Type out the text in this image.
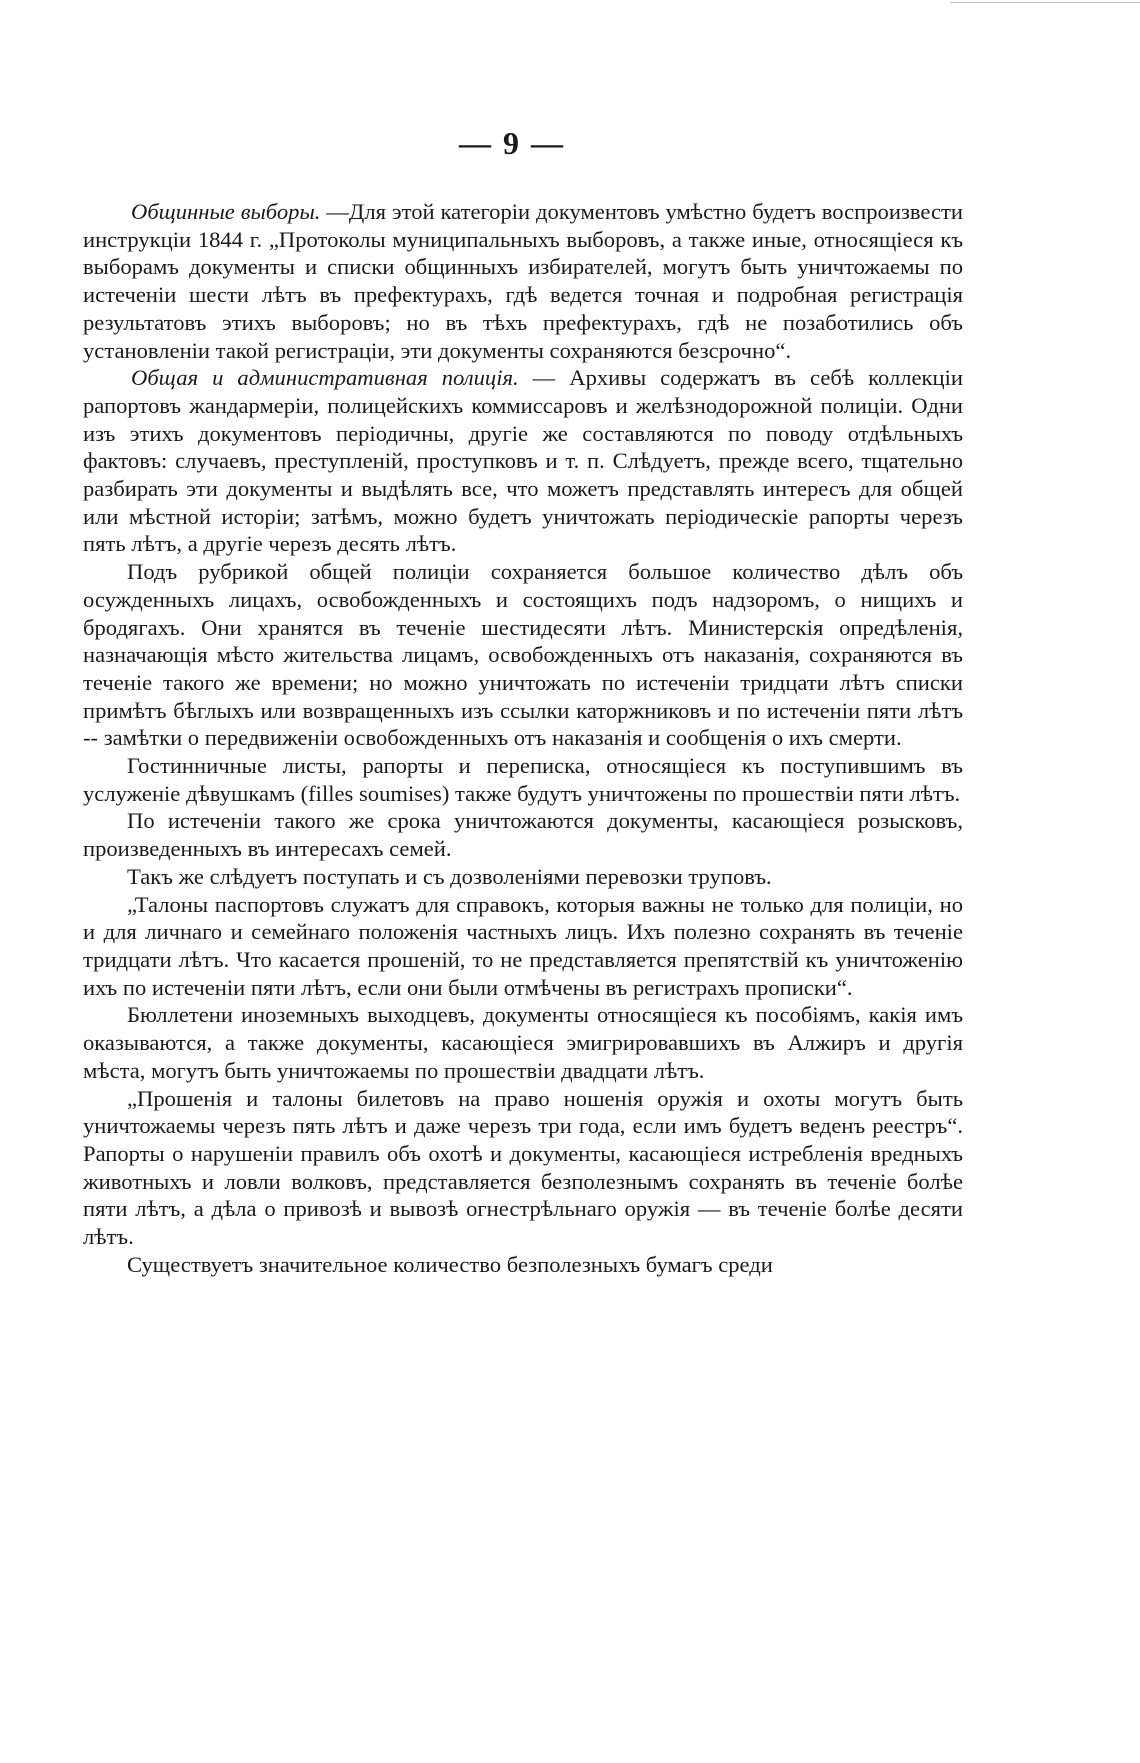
— 9 —

Общинные выборы. —Для этой категоріи документовъ умѣстно будетъ воспроизвести инструкціи 1844 г. „Протоколы муниципальныхъ выборовъ, а также иные, относящіеся къ выборамъ документы и списки общинныхъ избирателей, могутъ быть уничтожаемы по истеченіи шести лѣтъ въ префектурахъ, гдѣ ведется точная и подробная регистрація результатовъ этихъ выборовъ; но въ тѣхъ префектурахъ, гдѣ не позаботились объ установленіи такой регистраціи, эти документы сохраняются безсрочно“.

Общая и административная полиція. — Архивы содержатъ въ себѣ коллекціи рапортовъ жандармеріи, полицейскихъ коммиссаровъ и желѣзнодорожной полиціи. Одни изъ этихъ документовъ періодичны, другіе же составляются по поводу отдѣльныхъ фактовъ: случаевъ, преступленій, проступковъ и т. п. Слѣдуетъ, прежде всего, тщательно разбирать эти документы и выдѣлять все, что можетъ представлять интересъ для общей или мѣстной исторіи; затѣмъ, можно будетъ уничтожать періодическіе рапорты черезъ пять лѣтъ, а другіе черезъ десять лѣтъ.

Подъ рубрикой общей полиціи сохраняется большое количество дѣлъ объ осужденныхъ лицахъ, освобожденныхъ и состоящихъ подъ надзоромъ, о нищихъ и бродягахъ. Они хранятся въ теченіе шестидесяти лѣтъ. Министерскія опредѣленія, назначающія мѣсто жительства лицамъ, освобожденныхъ отъ наказанія, сохраняются въ теченіе такого же времени; но можно уничтожать по истеченіи тридцати лѣтъ списки примѣтъ бѣглыхъ или возвращенныхъ изъ ссылки каторжниковъ и по истеченіи пяти лѣтъ -- замѣтки о передвиженіи освобожденныхъ отъ наказанія и сообщенія о ихъ смерти.

Гостинничные листы, рапорты и переписка, относящіеся къ поступившимъ въ услуженіе дѣвушкамъ (filles soumises) также будутъ уничтожены по прошествіи пяти лѣтъ.

По истеченіи такого же срока уничтожаются документы, касающіеся розысковъ, произведенныхъ въ интересахъ семей.

Такъ же слѣдуетъ поступать и съ дозволеніями перевозки труповъ.

„Талоны паспортовъ служатъ для справокъ, которыя важны не только для полиціи, но и для личнаго и семейнаго положенія частныхъ лицъ. Ихъ полезно сохранять въ теченіе тридцати лѣтъ. Что касается прошеній, то не представляется препятствій къ уничтоженію ихъ по истеченіи пяти лѣтъ, если они были отмѣчены въ регистрахъ прописки“.

Бюллетени иноземныхъ выходцевъ, документы относящіеся къ пособіямъ, какія имъ оказываются, а также документы, касающіеся эмигрировавшихъ въ Алжиръ и другія мѣста, могутъ быть уничтожаемы по прошествіи двадцати лѣтъ.

„Прошенія и талоны билетовъ на право ношенія оружія и охоты могутъ быть уничтожаемы черезъ пять лѣтъ и даже черезъ три года, если имъ будетъ веденъ реестръ“. Рапорты о нарушеніи правилъ объ охотѣ и документы, касающіеся истребленія вредныхъ животныхъ и ловли волковъ, представляется безполезнымъ сохранять въ теченіе болѣе пяти лѣтъ, а дѣла о привозѣ и вывозѣ огнестрѣльнаго оружія — въ теченіе болѣе десяти лѣтъ.

Существуетъ значительное количество безполезныхъ бумагъ среди
